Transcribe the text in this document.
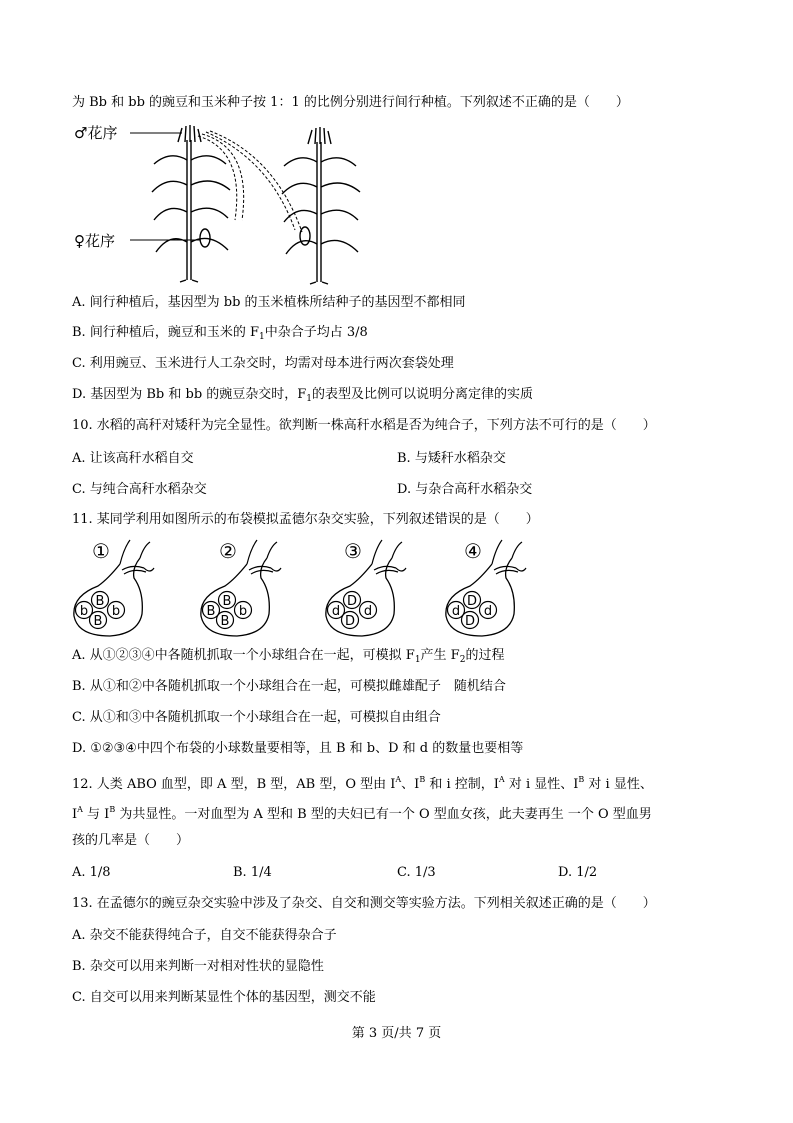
为 Bb 和 bb 的豌豆和玉米种子按 1：1 的比例分别进行间行种植。下列叙述不正确的是（　　）
♂花序
♀花序
A. 间行种植后，基因型为 bb 的玉米植株所结种子的基因型不都相同
B. 间行种植后，豌豆和玉米的 $F_1$中杂合子均占 3/8
C. 利用豌豆、玉米进行人工杂交时，均需对母本进行两次套袋处理
D. 基因型为 Bb 和 bb 的豌豆杂交时，$F_1$的表型及比例可以说明分离定律的实质
10. 水稻的高秆对矮秆为完全显性。欲判断一株高秆水稻是否为纯合子，下列方法不可行的是（　　）
A. 让该高秆水稻自交	B. 与矮秆水稻杂交
C. 与纯合高秆水稻杂交	D. 与杂合高秆水稻杂交
11. 某同学利用如图所示的布袋模拟孟德尔杂交实验，下列叙述错误的是（　　）
①
b
B
B
b
②
B
B
B
b
③
d
D
D
d
④
d
D
D
d
A. 从①②③④中各随机抓取一个小球组合在一起，可模拟 $F_1$产生 $F_2$的过程
B. 从①和②中各随机抓取一个小球组合在一起，可模拟雌雄配子　随机结合
C. 从①和③中各随机抓取一个小球组合在一起，可模拟自由组合
D. ①②③④中四个布袋的小球数量要相等，且 B 和 b、D 和 d 的数量也要相等
12. 人类 ABO 血型，即 A 型，B 型，AB 型，O 型由 $I^A$、$I^B$ 和 i 控制，$I^A$ 对 i 显性、$I^B$ 对 i 显性、
$I^A$ 与 $I^B$ 为共显性。一对血型为 A 型和 B 型的夫妇已有一个 O 型血女孩，此夫妻再生 一个 O 型血男
孩的几率是（　　）
A. 1/8	B. 1/4	C. 1/3	D. 1/2
13. 在孟德尔的豌豆杂交实验中涉及了杂交、自交和测交等实验方法。下列相关叙述正确的是（　　）
A. 杂交不能获得纯合子，自交不能获得杂合子
B. 杂交可以用来判断一对相对性状的显隐性
C. 自交可以用来判断某显性个体的基因型，测交不能
第 3 页/共 7 页
